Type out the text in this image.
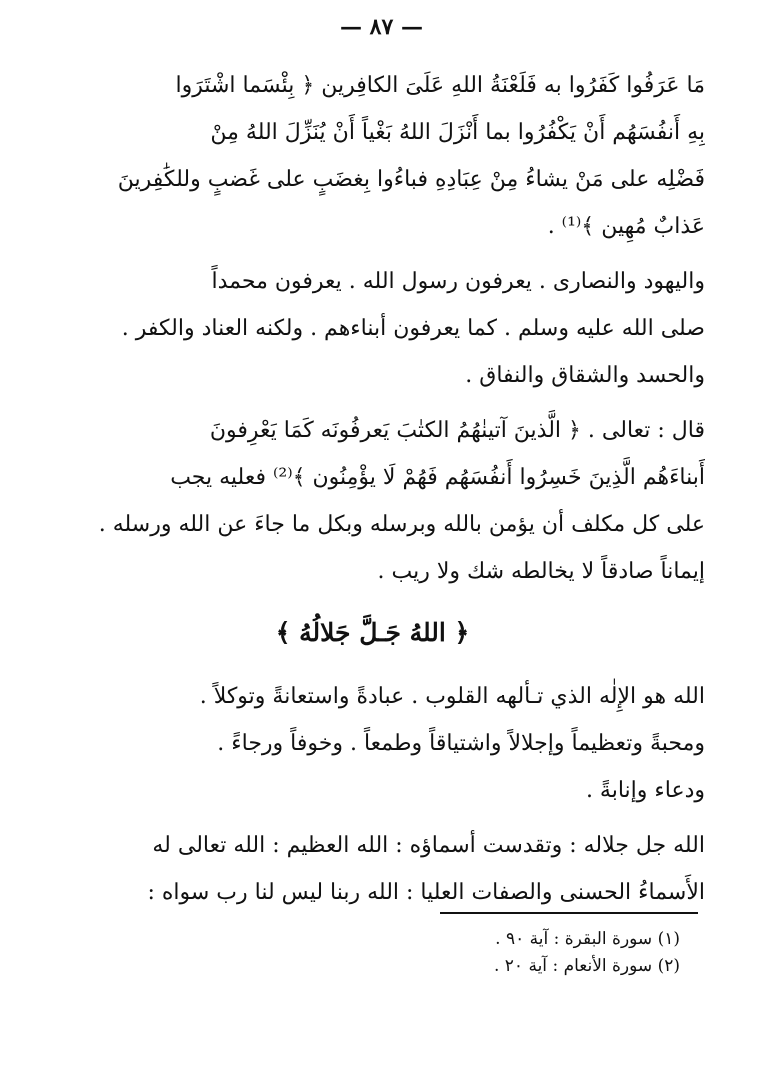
— ٨٧ —
مَا عَرَفُوا كَفَرُوا به فَلَعْنَةُ اللهِ عَلَىَ الكافِرين ﴿ بِئْسَما اشْتَرَوا
بِهِ أَنفُسَهُم أَنْ يَكْفُرُوا بما أَنْزَلَ اللهُ بَغْياً أَنْ يُنَزِّلَ اللهُ مِنْ
فَضْلِه على مَنْ يشاءُ مِنْ عِبَادِهِ فباءُوا بِغضَبٍ على غَضبٍ وللكَٰفِرينَ
عَذابٌ مُهِين ﴾⁽¹⁾ .
واليهود والنصارى . يعرفون رسول الله . يعرفون محمداً
صلى الله عليه وسلم . كما يعرفون أبناءهم . ولكنه العناد والكفر .
والحسد والشقاق والنفاق .
قال : تعالى . ﴿ الَّذينَ آتينٰهُمُ الكتٰبَ يَعرفُونَه كَمَا يَعْرِفونَ
أَبناءَهُم الَّذِينَ خَسِرُوا أَنفُسَهُم فَهُمْ لَا يؤْمِنُون ﴾⁽²⁾ فعليه يجب
على كل مكلف أن يؤمن بالله وبرسله وبكل ما جاءَ عن الله ورسله .
إيماناً صادقاً لا يخالطه شك ولا ريب .
﴿ اللهُ جَـلَّ جَلالُهُ ﴾
الله هو الإِلٰه الذي تـألهه القلوب . عبادةً واستعانةً وتوكلاً .
ومحبةً وتعظيماً وإجلالاً واشتياقاً وطمعاً . وخوفاً ورجاءً .
ودعاء وإنابةً .
الله جل جلاله : وتقدست أسماؤه : الله العظيم : الله تعالى له
الأَسماءُ الحسنى والصفات العليا : الله ربنا ليس لنا رب سواه :
(١) سورة البقرة : آية ٩٠ .
(٢) سورة الأنعام : آية ٢٠ .
